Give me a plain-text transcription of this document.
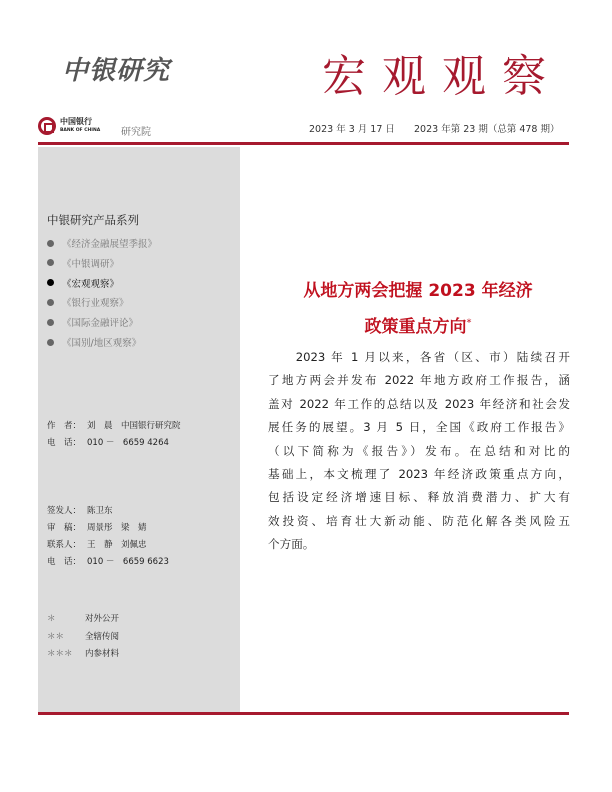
中银研究	宏观观察
中国银行
BANK OF CHINA 研究院	2023 年 3 月 17 日 2023 年第 23 期（总第 478 期）
中银研究产品系列
《经济金融展望季报》
《中银调研》
《宏观观察》
《银行业观察》
《国际金融评论》
《国别/地区观察》
作　者： 刘　晨　中国银行研究院
电　话： 010 －　6659 4264
签发人： 陈卫东
审　稿： 周景彤　梁　婧
联系人： 王　静　刘佩忠
电　话： 010 －　6659 6623
＊	对外公开
＊＊ 全辖传阅
＊＊＊ 内参材料
从地方两会把握 2023 年经济
政策重点方向*
　　2023 年 1 月以来，各省（区、市）陆续召开
了地方两会并发布 2022 年地方政府工作报告，涵
盖对 2022 年工作的总结以及 2023 年经济和社会发
展任务的展望。3 月 5 日，全国《政府工作报告》
（以下简称为《报告》）发布。在总结和对比的
基础上，本文梳理了 2023 年经济政策重点方向，
包括设定经济增速目标、释放消费潜力、扩大有
效投资、培育壮大新动能、防范化解各类风险五
个方面。
